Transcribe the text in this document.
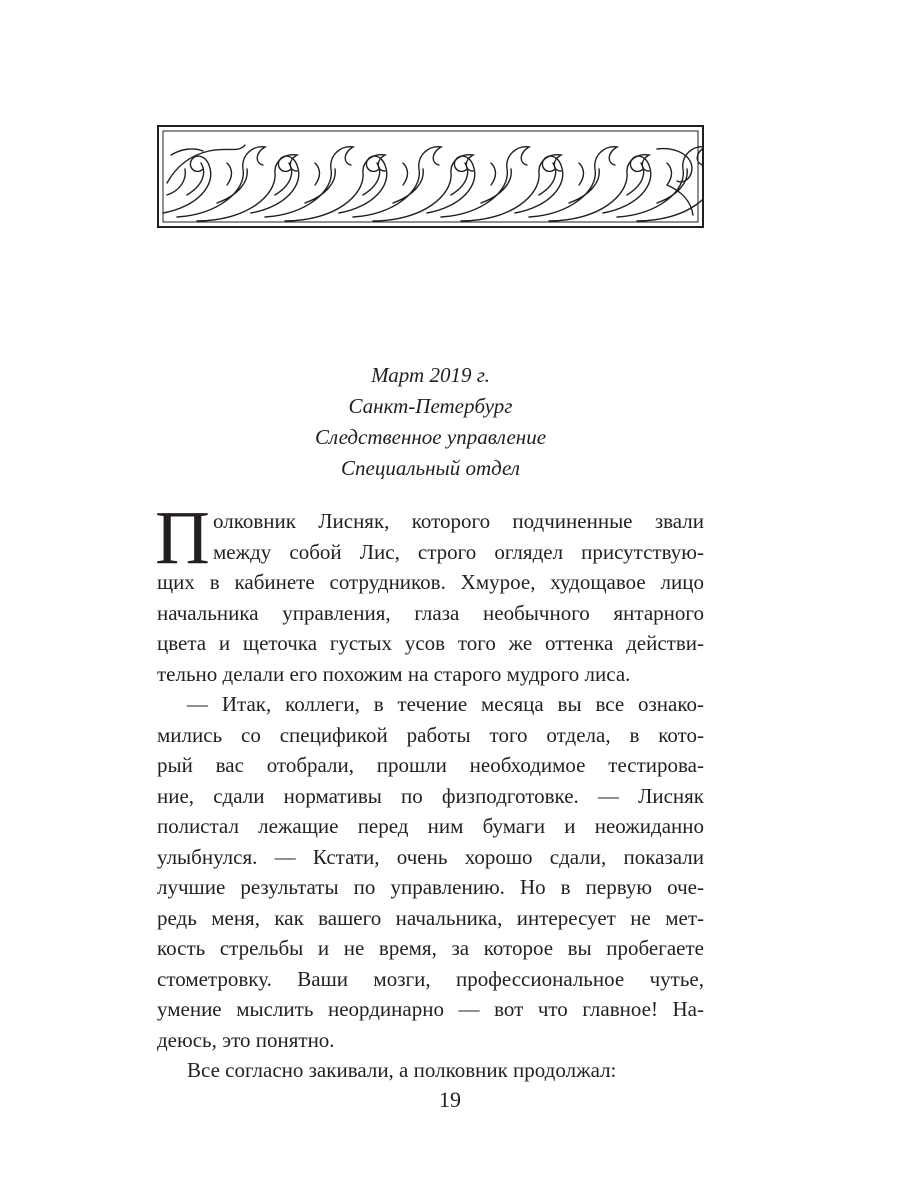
Март 2019 г.
Санкт-Петербург
Следственное управление
Специальный отдел
П олковник Лисняк, которого подчиненные звали
между собой Лис, строго оглядел присутствую-
щих в кабинете сотрудников. Хмурое, худощавое лицо
начальника управления, глаза необычного янтарного
цвета и щеточка густых усов того же оттенка действи-
тельно делали его похожим на старого мудрого лиса.
— Итак, коллеги, в течение месяца вы все ознако-
мились со спецификой работы того отдела, в кото-
рый вас отобрали, прошли необходимое тестирова-
ние, сдали нормативы по физподготовке. — Лисняк
полистал лежащие перед ним бумаги и неожиданно
улыбнулся. — Кстати, очень хорошо сдали, показали
лучшие результаты по управлению. Но в первую оче-
редь меня, как вашего начальника, интересует не мет-
кость стрельбы и не время, за которое вы пробегаете
стометровку. Ваши мозги, профессиональное чутье,
умение мыслить неординарно — вот что главное! На-
деюсь, это понятно.
Все согласно закивали, а полковник продолжал:
19
